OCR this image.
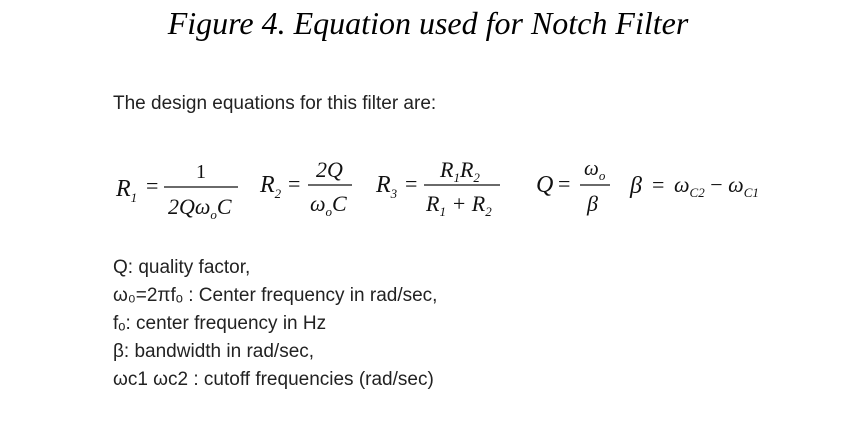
Figure 4. Equation used for Notch Filter
The design equations for this filter are:
$R_1$ =
1
$2Q\omega_oC$
$R_2$ =
2Q
$\omega_oC$
$R_3$ =
$R_1R_2$
$R_1 + R_2$
Q =
$\omega_o$
β
$\beta = \omega_{C2} - \omega_{C1}$
Q: quality factor,
ω₀=2πfₒ : Center frequency in rad/sec,
fₒ: center frequency in Hz
β: bandwidth in rad/sec,
ωc1 ωc2 : cutoff frequencies (rad/sec)
